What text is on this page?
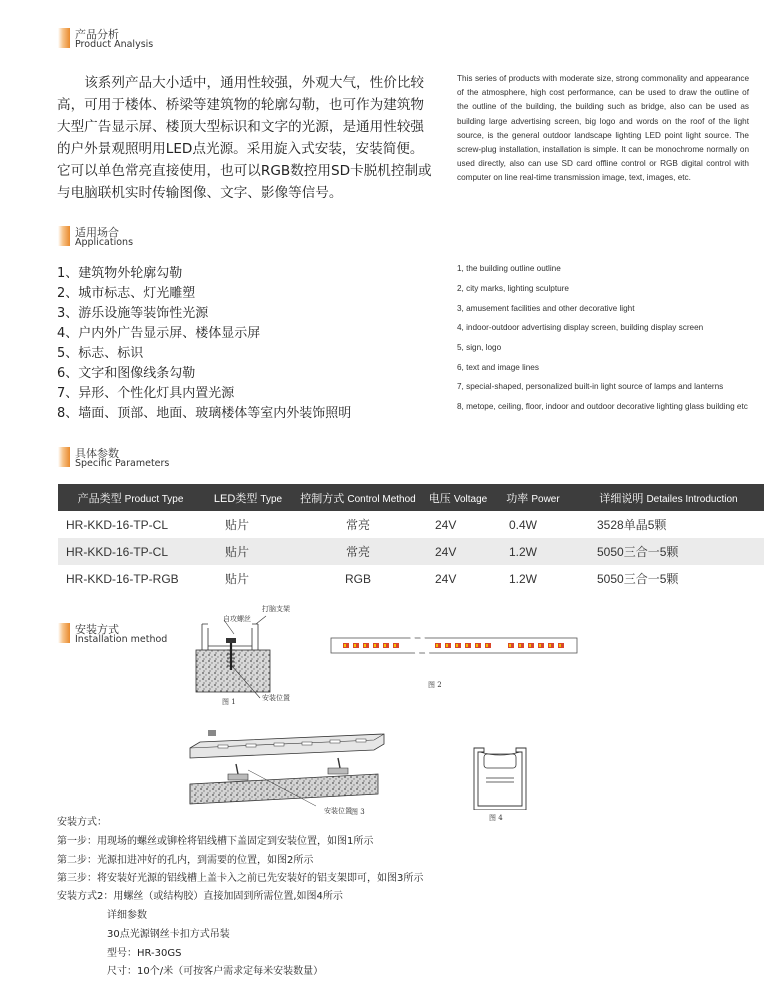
产品分析
Product Analysis
该系列产品大小适中，通用性较强，外观大气，性价比较高，可用于楼体、桥梁等建筑物的轮廓勾勒，也可作为建筑物大型广告显示屏、楼顶大型标识和文字的光源，是通用性较强的户外景观照明用LED点光源。采用旋入式安装，安装简便。它可以单色常亮直接使用，也可以RGB数控用SD卡脱机控制或与电脑联机实时传输图像、文字、影像等信号。
This series of products with moderate size, strong commonality and appearance of the atmosphere, high cost performance, can be used to draw the outline of the outline of the building, the building such as bridge, also can be used as building large advertising screen, big logo and words on the roof of the light source, is the general outdoor landscape lighting LED point light source. The screw-plug installation, installation is simple. It can be monochrome normally on used directly, also can use SD card offline control or RGB digital control with computer on line real-time transmission image, text, images, etc.
适用场合
Applications
1、建筑物外轮廓勾勒
2、城市标志、灯光雕塑
3、游乐设施等装饰性光源
4、户内外广告显示屏、楼体显示屏
5、标志、标识
6、文字和图像线条勾勒
7、异形、个性化灯具内置光源
8、墙面、顶部、地面、玻璃楼体等室内外装饰照明
1, the building outline outline
2, city marks, lighting sculpture
3, amusement facilities and other decorative light
4, indoor-outdoor advertising display screen, building display screen
5, sign, logo
6, text and image lines
7, special-shaped, personalized built-in light source of lamps and lanterns
8, metope, ceiling, floor, indoor and outdoor decorative lighting glass building etc
具体参数
Specific Parameters
产品类型 Product Type	LED类型 Type	控制方式 Control Method	电压 Voltage	功率 Power	详细说明 Detailes Introduction
HR-KKD-16-TP-CL	贴片	常亮	24V	0.4W	3528单晶5颗
HR-KKD-16-TP-CL	贴片	常亮	24V	1.2W	5050三合一5颗
HR-KKD-16-TP-RGB	贴片	RGB	24V	1.2W	5050三合一5颗
安装方式
Installation method
自攻螺丝
打脑支架
安装位置
图 1
图 2
安装位置 图 3
图 4
安装方式：
第一步：用现场的螺丝或铆栓将铝线槽下盖固定到安装位置，如图1所示
第二步：光源扣进冲好的孔内，到需要的位置，如图2所示
第三步：将安装好光源的铝线槽上盖卡入之前已先安装好的铝支架即可，如图3所示
安装方式2：用螺丝（或结构胶）直接加固到所需位置,如图4所示
详细参数
30点光源钢丝卡扣方式吊装
型号：HR-30GS
尺寸：10个/米（可按客户需求定每米安装数量）
